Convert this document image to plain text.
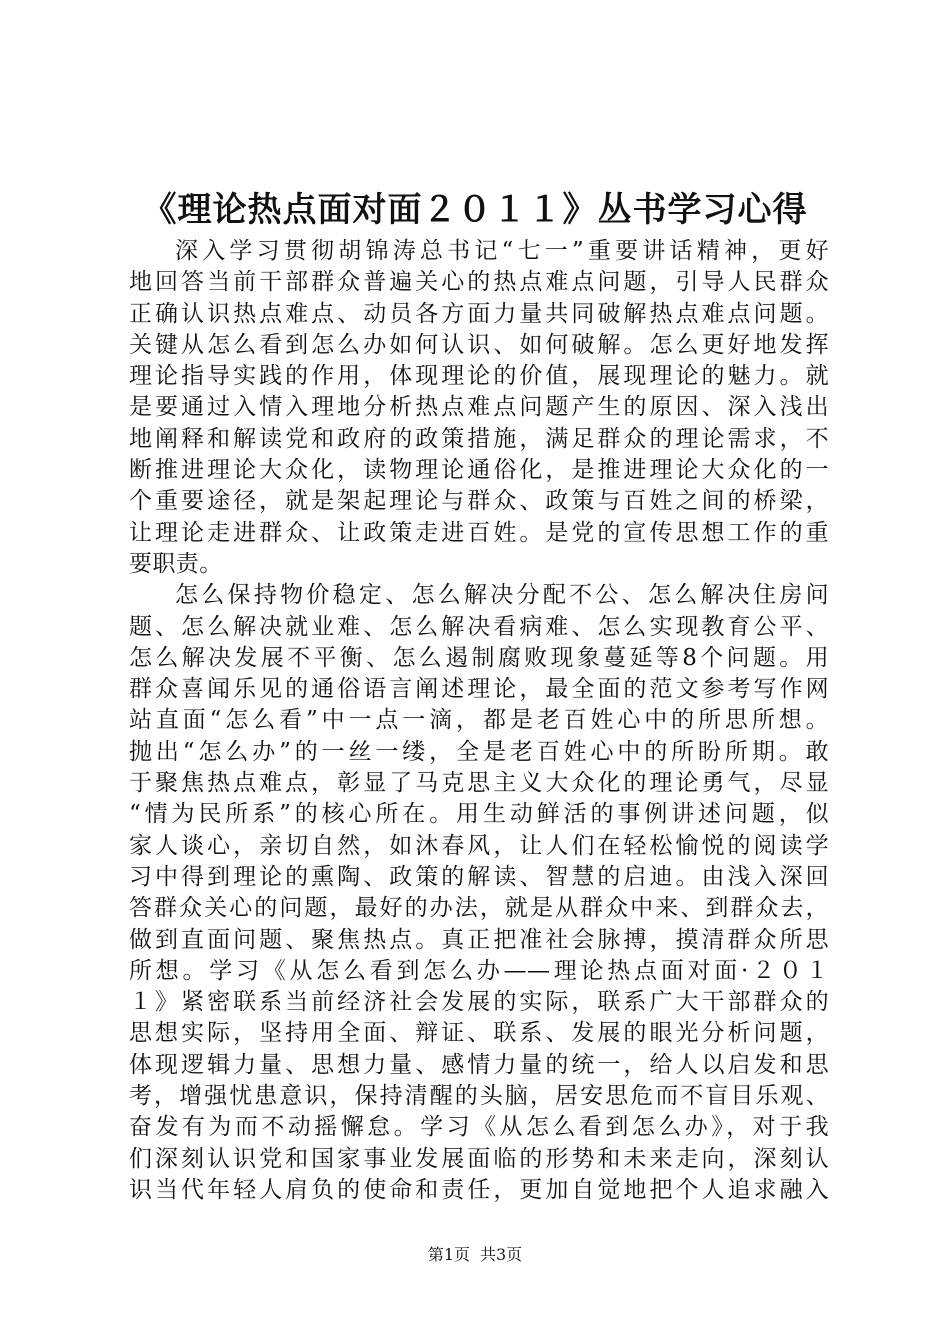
《理论热点面对面２０１１》丛书学习心得
深入学习贯彻胡锦涛总书记“七一”重要讲话精神，更好
地回答当前干部群众普遍关心的热点难点问题，引导人民群众
正确认识热点难点、动员各方面力量共同破解热点难点问题。
关键从怎么看到怎么办如何认识、如何破解。怎么更好地发挥
理论指导实践的作用，体现理论的价值，展现理论的魅力。就
是要通过入情入理地分析热点难点问题产生的原因、深入浅出
地阐释和解读党和政府的政策措施，满足群众的理论需求，不
断推进理论大众化，读物理论通俗化，是推进理论大众化的一
个重要途径，就是架起理论与群众、政策与百姓之间的桥梁，
让理论走进群众、让政策走进百姓。是党的宣传思想工作的重
要职责。
怎么保持物价稳定、怎么解决分配不公、怎么解决住房问
题、怎么解决就业难、怎么解决看病难、怎么实现教育公平、
怎么解决发展不平衡、怎么遏制腐败现象蔓延等8个问题。用
群众喜闻乐见的通俗语言阐述理论，最全面的范文参考写作网
站直面“怎么看”中一点一滴，都是老百姓心中的所思所想。
抛出“怎么办”的一丝一缕，全是老百姓心中的所盼所期。敢
于聚焦热点难点，彰显了马克思主义大众化的理论勇气，尽显
“情为民所系”的核心所在。用生动鲜活的事例讲述问题，似
家人谈心，亲切自然，如沐春风，让人们在轻松愉悦的阅读学
习中得到理论的熏陶、政策的解读、智慧的启迪。由浅入深回
答群众关心的问题，最好的办法，就是从群众中来、到群众去，
做到直面问题、聚焦热点。真正把准社会脉搏，摸清群众所思
所想。学习《从怎么看到怎么办——理论热点面对面·２０１
１》紧密联系当前经济社会发展的实际，联系广大干部群众的
思想实际，坚持用全面、辩证、联系、发展的眼光分析问题，
体现逻辑力量、思想力量、感情力量的统一，给人以启发和思
考，增强忧患意识，保持清醒的头脑，居安思危而不盲目乐观、
奋发有为而不动摇懈怠。学习《从怎么看到怎么办》，对于我
们深刻认识党和国家事业发展面临的形势和未来走向，深刻认
识当代年轻人肩负的使命和责任，更加自觉地把个人追求融入
第1页 共3页
